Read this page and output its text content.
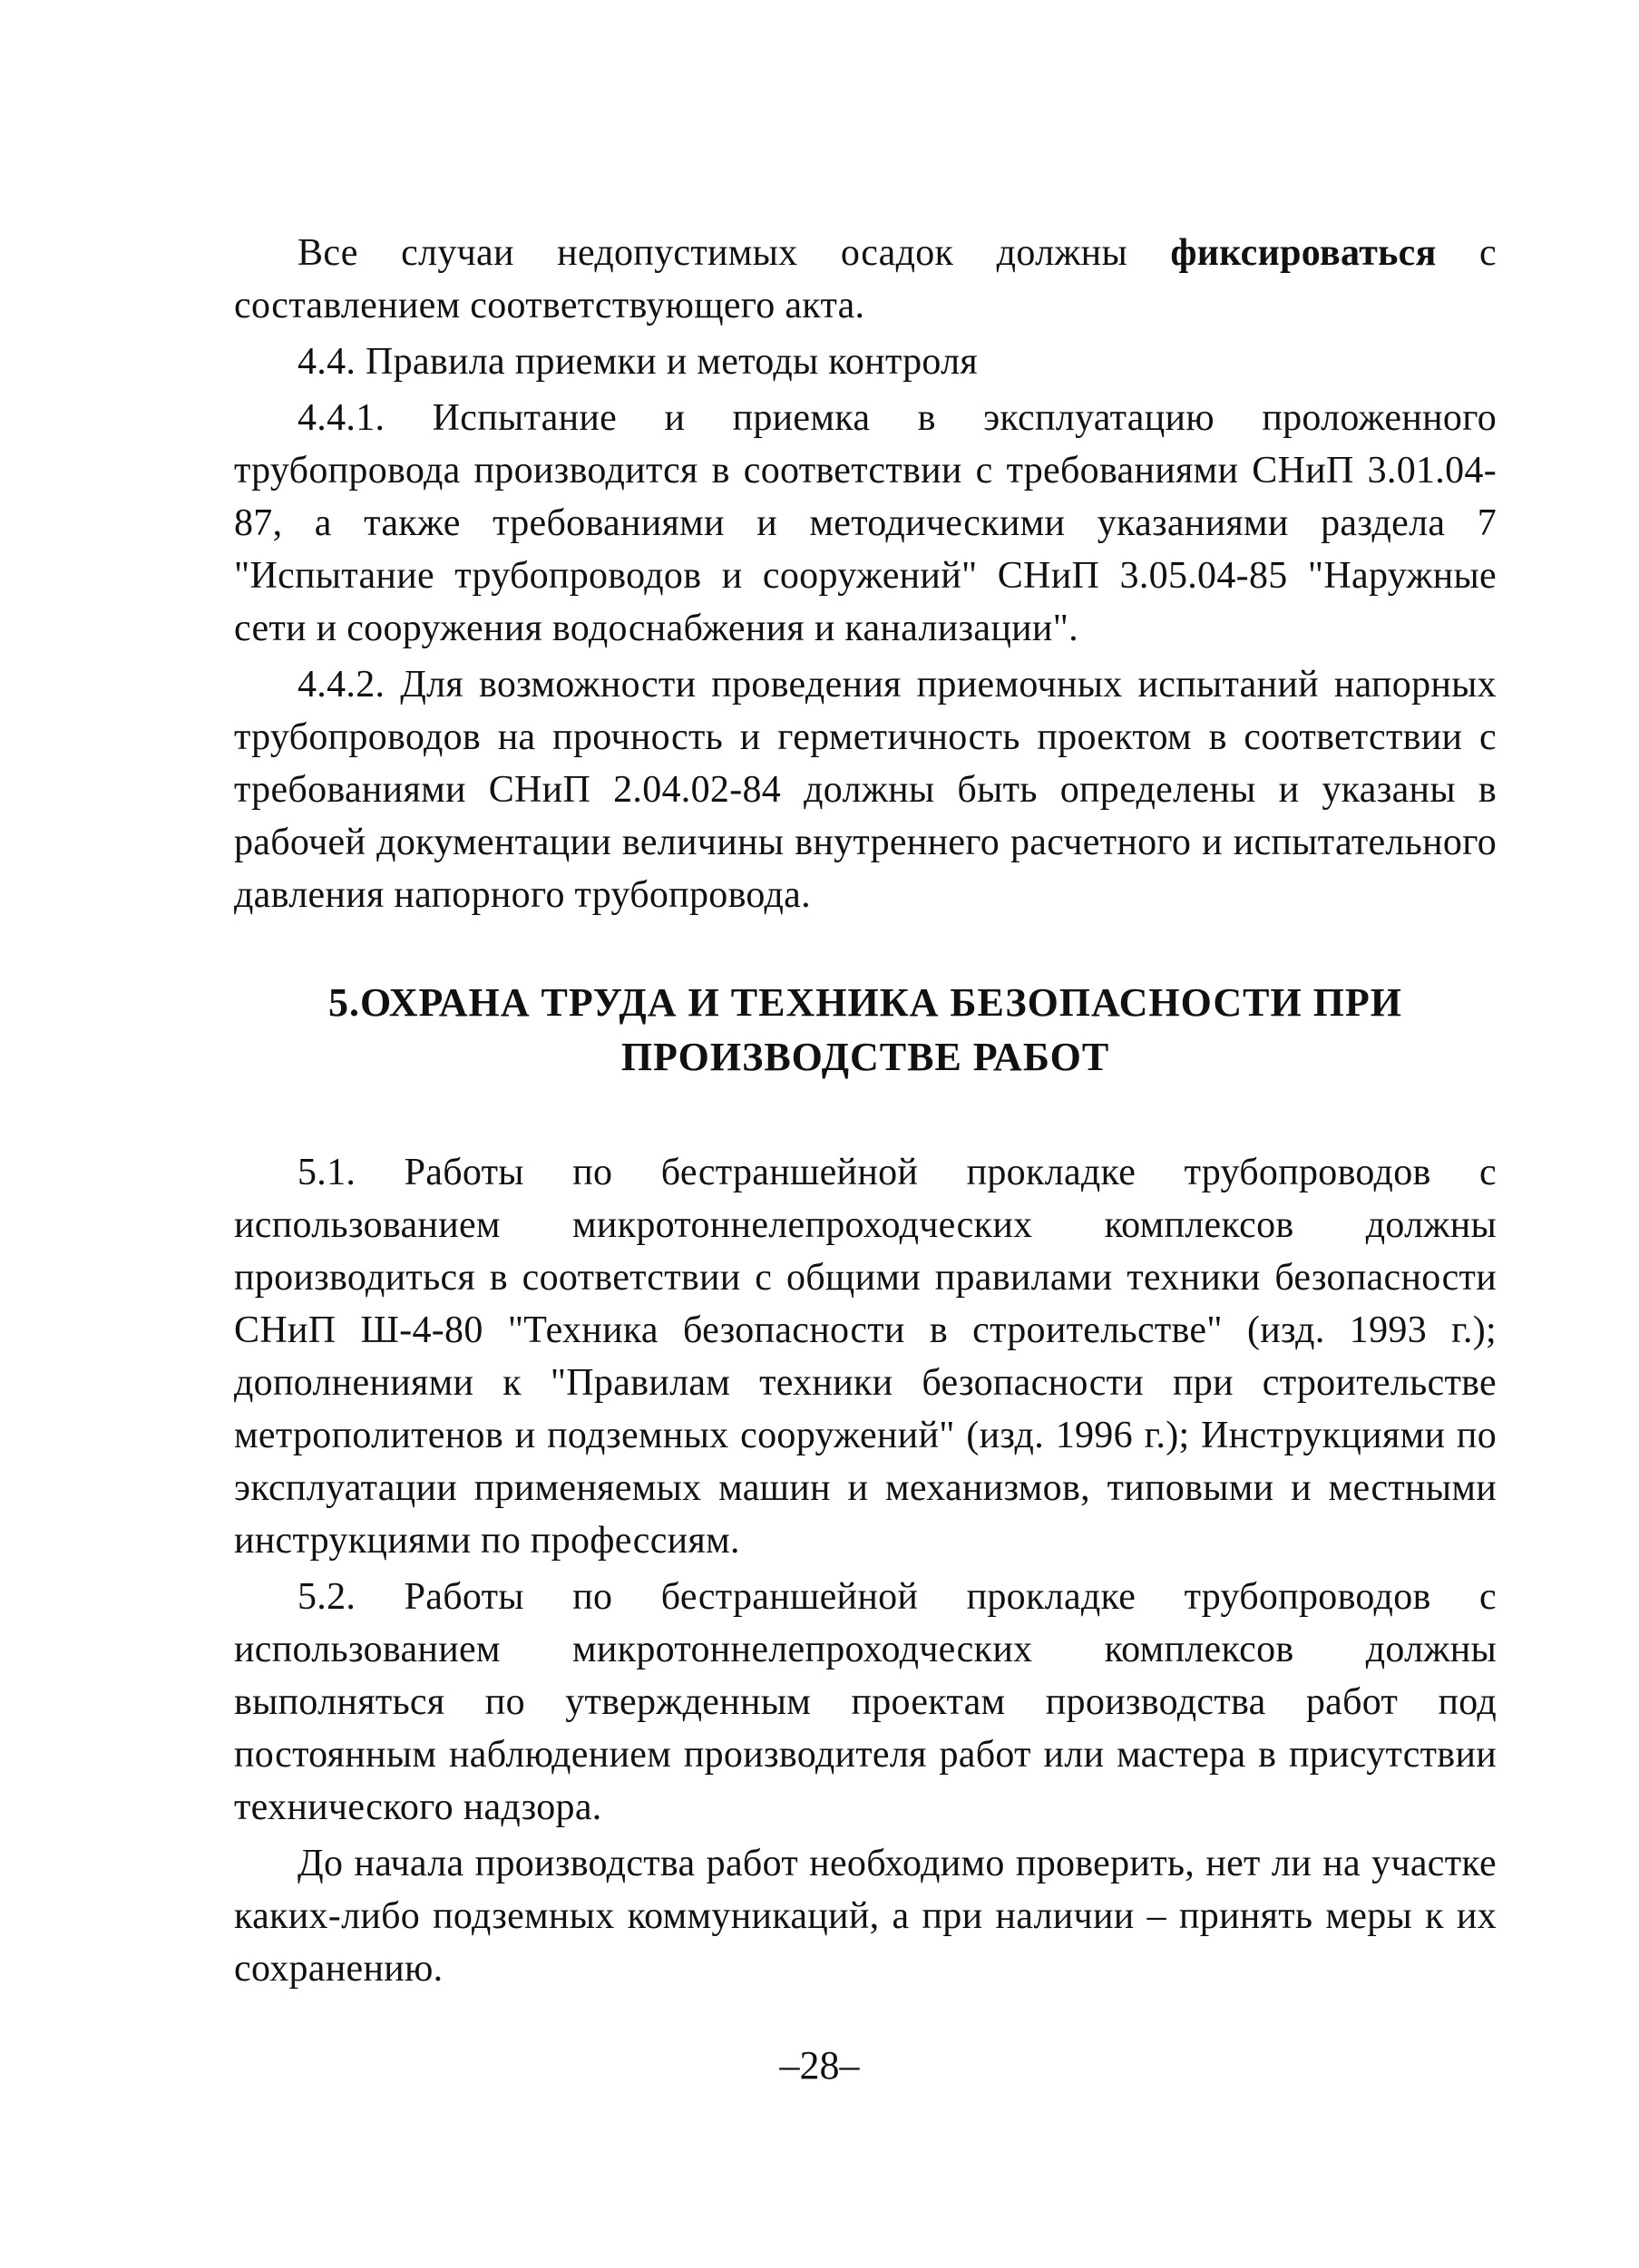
Все случаи недопустимых осадок должны фиксироваться с составлением соответствующего акта.

4.4. Правила приемки и методы контроля

4.4.1. Испытание и приемка в эксплуатацию проложенного трубопровода производится в соответствии с требованиями СНиП 3.01.04-87, а также требованиями и методическими указаниями раздела 7 "Испытание трубопроводов и сооружений" СНиП 3.05.04-85 "Наружные сети и сооружения водоснабжения и канализации".

4.4.2. Для возможности проведения приемочных испытаний напорных трубопроводов на прочность и герметичность проектом в соответствии с требованиями СНиП 2.04.02-84 должны быть определены и указаны в рабочей документации величины внутреннего расчетного и испытательного давления напорного трубопровода.

5.ОХРАНА ТРУДА И ТЕХНИКА БЕЗОПАСНОСТИ ПРИ
ПРОИЗВОДСТВЕ РАБОТ

5.1. Работы по бестраншейной прокладке трубопроводов с использованием микротоннелепроходческих комплексов должны производиться в соответствии с общими правилами техники безопасности СНиП Ш-4-80 "Техника безопасности в строительстве" (изд. 1993 г.); дополнениями к "Правилам техники безопасности при строительстве метрополитенов и подземных сооружений" (изд. 1996 г.); Инструкциями по эксплуатации применяемых машин и механизмов, типовыми и местными инструкциями по профессиям.

5.2. Работы по бестраншейной прокладке трубопроводов с использованием микротоннелепроходческих комплексов должны выполняться по утвержденным проектам производства работ под постоянным наблюдением производителя работ или мастера в присутствии технического надзора.

До начала производства работ необходимо проверить, нет ли на участке каких-либо подземных коммуникаций, а при наличии – принять меры к их сохранению.

–28–
